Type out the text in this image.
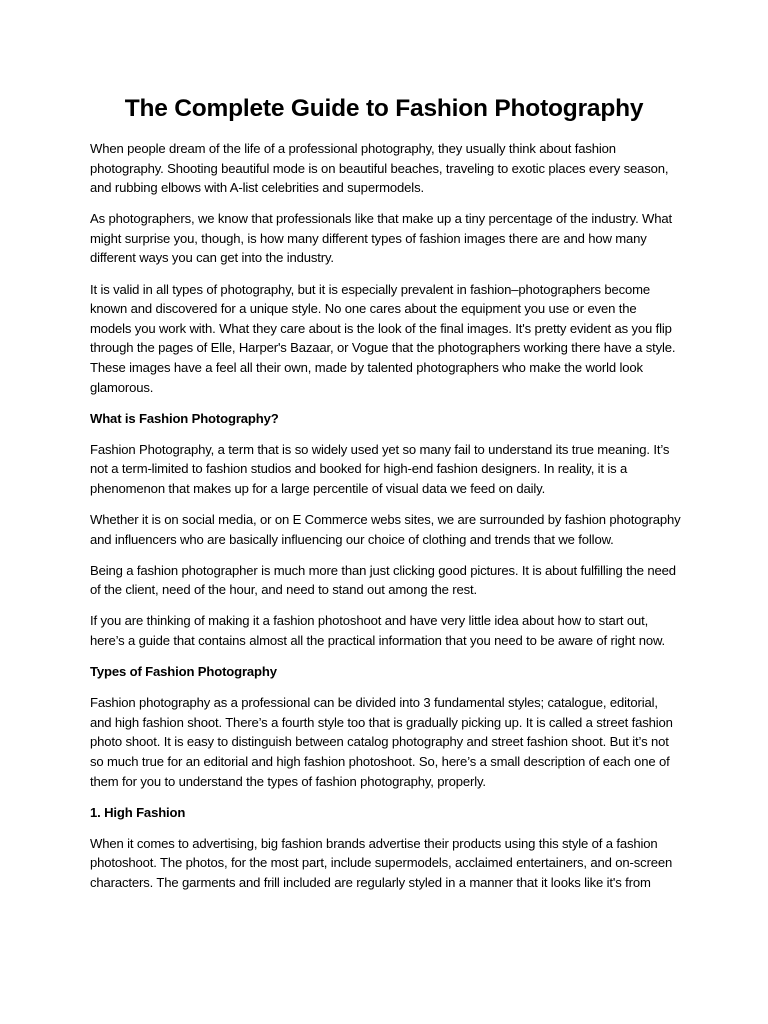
The Complete Guide to Fashion Photography

When people dream of the life of a professional photography, they usually think about fashion
photography. Shooting beautiful mode is on beautiful beaches, traveling to exotic places every season,
and rubbing elbows with A-list celebrities and supermodels.

As photographers, we know that professionals like that make up a tiny percentage of the industry. What
might surprise you, though, is how many different types of fashion images there are and how many
different ways you can get into the industry.

It is valid in all types of photography, but it is especially prevalent in fashion–photographers become
known and discovered for a unique style. No one cares about the equipment you use or even the
models you work with. What they care about is the look of the final images. It's pretty evident as you flip
through the pages of Elle, Harper's Bazaar, or Vogue that the photographers working there have a style.
These images have a feel all their own, made by talented photographers who make the world look
glamorous.

What is Fashion Photography?

Fashion Photography, a term that is so widely used yet so many fail to understand its true meaning. It’s
not a term-limited to fashion studios and booked for high-end fashion designers. In reality, it is a
phenomenon that makes up for a large percentile of visual data we feed on daily.

Whether it is on social media, or on E Commerce webs sites, we are surrounded by fashion photography
and influencers who are basically influencing our choice of clothing and trends that we follow.

Being a fashion photographer is much more than just clicking good pictures. It is about fulfilling the need
of the client, need of the hour, and need to stand out among the rest.

If you are thinking of making it a fashion photoshoot and have very little idea about how to start out,
here’s a guide that contains almost all the practical information that you need to be aware of right now.

Types of Fashion Photography

Fashion photography as a professional can be divided into 3 fundamental styles; catalogue, editorial,
and high fashion shoot. There’s a fourth style too that is gradually picking up. It is called a street fashion
photo shoot. It is easy to distinguish between catalog photography and street fashion shoot. But it’s not
so much true for an editorial and high fashion photoshoot. So, here’s a small description of each one of
them for you to understand the types of fashion photography, properly.

1. High Fashion

When it comes to advertising, big fashion brands advertise their products using this style of a fashion
photoshoot. The photos, for the most part, include supermodels, acclaimed entertainers, and on-screen
characters. The garments and frill included are regularly styled in a manner that it looks like it's from
